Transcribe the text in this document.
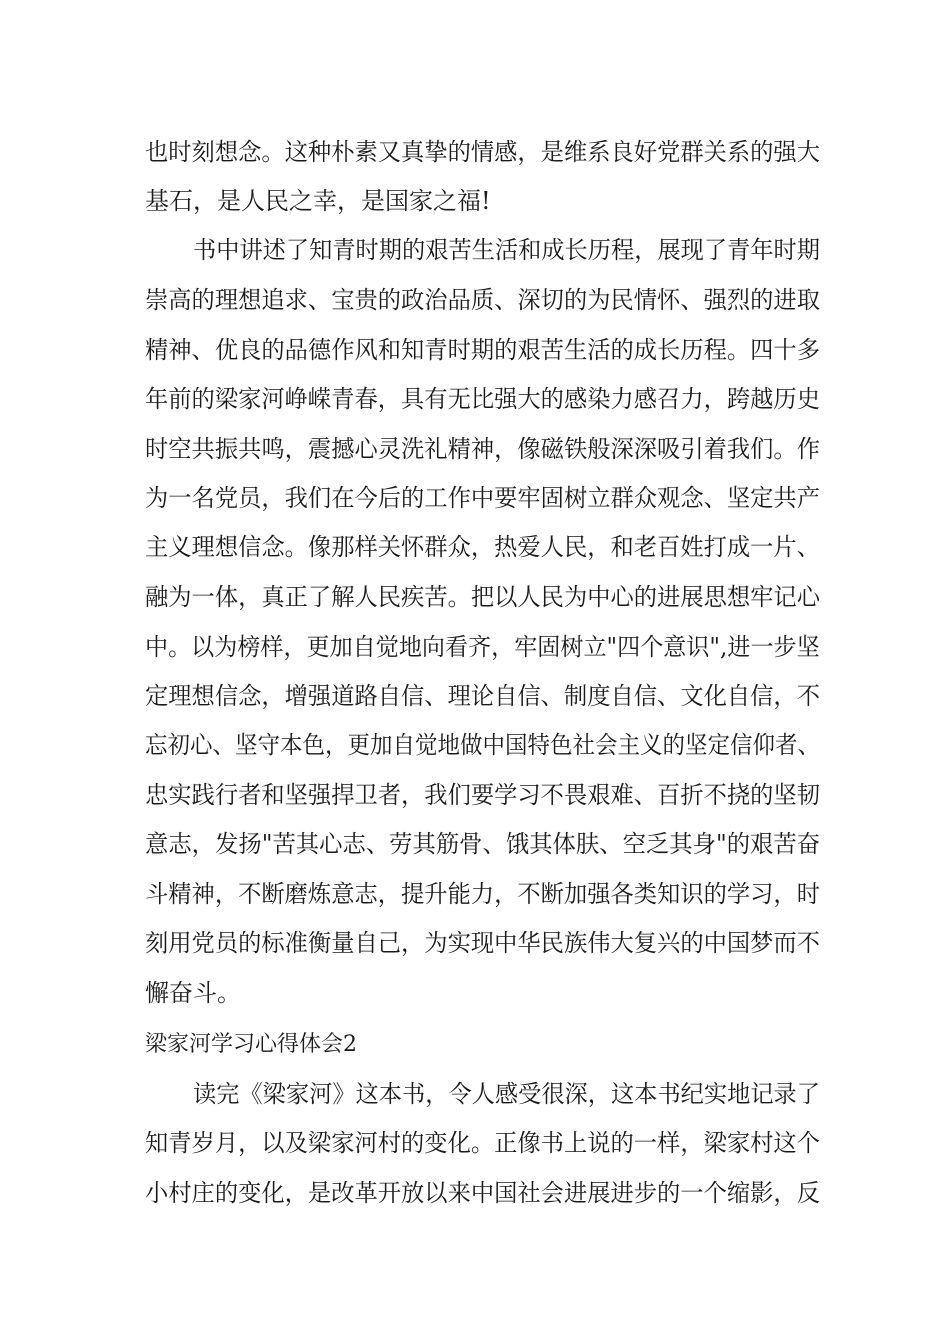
也时刻想念。这种朴素又真挚的情感，是维系良好党群关系的强大

基石，是人民之幸，是国家之福!

书中讲述了知青时期的艰苦生活和成长历程，展现了青年时期

崇高的理想追求、宝贵的政治品质、深切的为民情怀、强烈的进取

精神、优良的品德作风和知青时期的艰苦生活的成长历程。四十多

年前的梁家河峥嵘青春，具有无比强大的感染力感召力，跨越历史

时空共振共鸣，震撼心灵洗礼精神，像磁铁般深深吸引着我们。作

为一名党员，我们在今后的工作中要牢固树立群众观念、坚定共产

主义理想信念。像那样关怀群众，热爱人民，和老百姓打成一片、

融为一体，真正了解人民疾苦。把以人民为中心的进展思想牢记心

中。以为榜样，更加自觉地向看齐，牢固树立"四个意识",进一步坚

定理想信念，增强道路自信、理论自信、制度自信、文化自信，不

忘初心、坚守本色，更加自觉地做中国特色社会主义的坚定信仰者、

忠实践行者和坚强捍卫者，我们要学习不畏艰难、百折不挠的坚韧

意志，发扬"苦其心志、劳其筋骨、饿其体肤、空乏其身"的艰苦奋

斗精神，不断磨炼意志，提升能力，不断加强各类知识的学习，时

刻用党员的标准衡量自己，为实现中华民族伟大复兴的中国梦而不

懈奋斗。

梁家河学习心得体会2

读完《梁家河》这本书，令人感受很深，这本书纪实地记录了

知青岁月，以及梁家河村的变化。正像书上说的一样，梁家村这个

小村庄的变化，是改革开放以来中国社会进展进步的一个缩影，反
